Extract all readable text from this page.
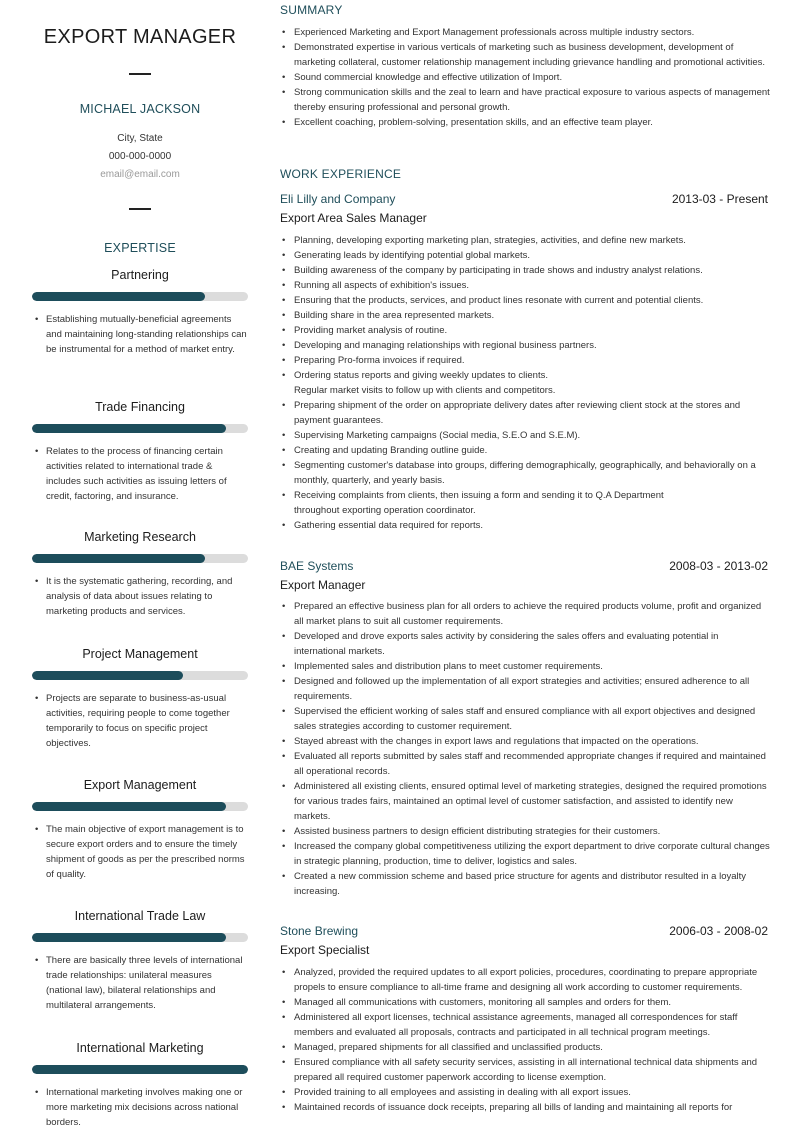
EXPORT MANAGER
MICHAEL JACKSON
City, State
000-000-0000
email@email.com
EXPERTISE
Partnering
• Establishing mutually-beneficial agreements and maintaining long-standing relationships can be instrumental for a method of market entry.
Trade Financing
• Relates to the process of financing certain activities related to international trade & includes such activities as issuing letters of credit, factoring, and insurance.
Marketing Research
• It is the systematic gathering, recording, and analysis of data about issues relating to marketing products and services.
Project Management
• Projects are separate to business-as-usual activities, requiring people to come together temporarily to focus on specific project objectives.
Export Management
• The main objective of export management is to secure export orders and to ensure the timely shipment of goods as per the prescribed norms of quality.
International Trade Law
• There are basically three levels of international trade relationships: unilateral measures (national law), bilateral relationships and multilateral arrangements.
International Marketing
• International marketing involves making one or more marketing mix decisions across national borders.
SUMMARY
• Experienced Marketing and Export Management professionals across multiple industry sectors.
• Demonstrated expertise in various verticals of marketing such as business development, development of marketing collateral, customer relationship management including grievance handling and promotional activities.
• Sound commercial knowledge and effective utilization of Import.
• Strong communication skills and the zeal to learn and have practical exposure to various aspects of management thereby ensuring professional and personal growth.
• Excellent coaching, problem-solving, presentation skills, and an effective team player.
WORK EXPERIENCE
Eli Lilly and Company	2013-03 - Present
Export Area Sales Manager
• Planning, developing exporting marketing plan, strategies, activities, and define new markets.
• Generating leads by identifying potential global markets.
• Building awareness of the company by participating in trade shows and industry analyst relations.
• Running all aspects of exhibition's issues.
• Ensuring that the products, services, and product lines resonate with current and potential clients.
• Building share in the area represented markets.
• Providing market analysis of routine.
• Developing and managing relationships with regional business partners.
• Preparing Pro-forma invoices if required.
• Ordering status reports and giving weekly updates to clients.
Regular market visits to follow up with clients and competitors.
• Preparing shipment of the order on appropriate delivery dates after reviewing client stock at the stores and payment guarantees.
• Supervising Marketing campaigns (Social media, S.E.O and S.E.M).
• Creating and updating Branding outline guide.
• Segmenting customer's database into groups, differing demographically, geographically, and behaviorally on a monthly, quarterly, and yearly basis.
• Receiving complaints from clients, then issuing a form and sending it to Q.A Department
throughout exporting operation coordinator.
• Gathering essential data required for reports.
BAE Systems	2008-03 - 2013-02
Export Manager
• Prepared an effective business plan for all orders to achieve the required products volume, profit and organized all market plans to suit all customer requirements.
• Developed and drove exports sales activity by considering the sales offers and evaluating potential in international markets.
• Implemented sales and distribution plans to meet customer requirements.
• Designed and followed up the implementation of all export strategies and activities; ensured adherence to all requirements.
• Supervised the efficient working of sales staff and ensured compliance with all export objectives and designed sales strategies according to customer requirement.
• Stayed abreast with the changes in export laws and regulations that impacted on the operations.
• Evaluated all reports submitted by sales staff and recommended appropriate changes if required and maintained all operational records.
• Administered all existing clients, ensured optimal level of marketing strategies, designed the required promotions for various trades fairs, maintained an optimal level of customer satisfaction, and assisted to identify new markets.
• Assisted business partners to design efficient distributing strategies for their customers.
• Increased the company global competitiveness utilizing the export department to drive corporate cultural changes in strategic planning, production, time to deliver, logistics and sales.
• Created a new commission scheme and based price structure for agents and distributor resulted in a loyalty increasing.
Stone Brewing	2006-03 - 2008-02
Export Specialist
• Analyzed, provided the required updates to all export policies, procedures, coordinating to prepare appropriate propels to ensure compliance to all-time frame and designing all work according to customer requirements.
• Managed all communications with customers, monitoring all samples and orders for them.
• Administered all export licenses, technical assistance agreements, managed all correspondences for staff members and evaluated all proposals, contracts and participated in all technical program meetings.
• Managed, prepared shipments for all classified and unclassified products.
• Ensured compliance with all safety security services, assisting in all international technical data shipments and prepared all required customer paperwork according to license exemption.
• Provided training to all employees and assisting in dealing with all export issues.
• Maintained records of issuance dock receipts, preparing all bills of landing and maintaining all reports for
